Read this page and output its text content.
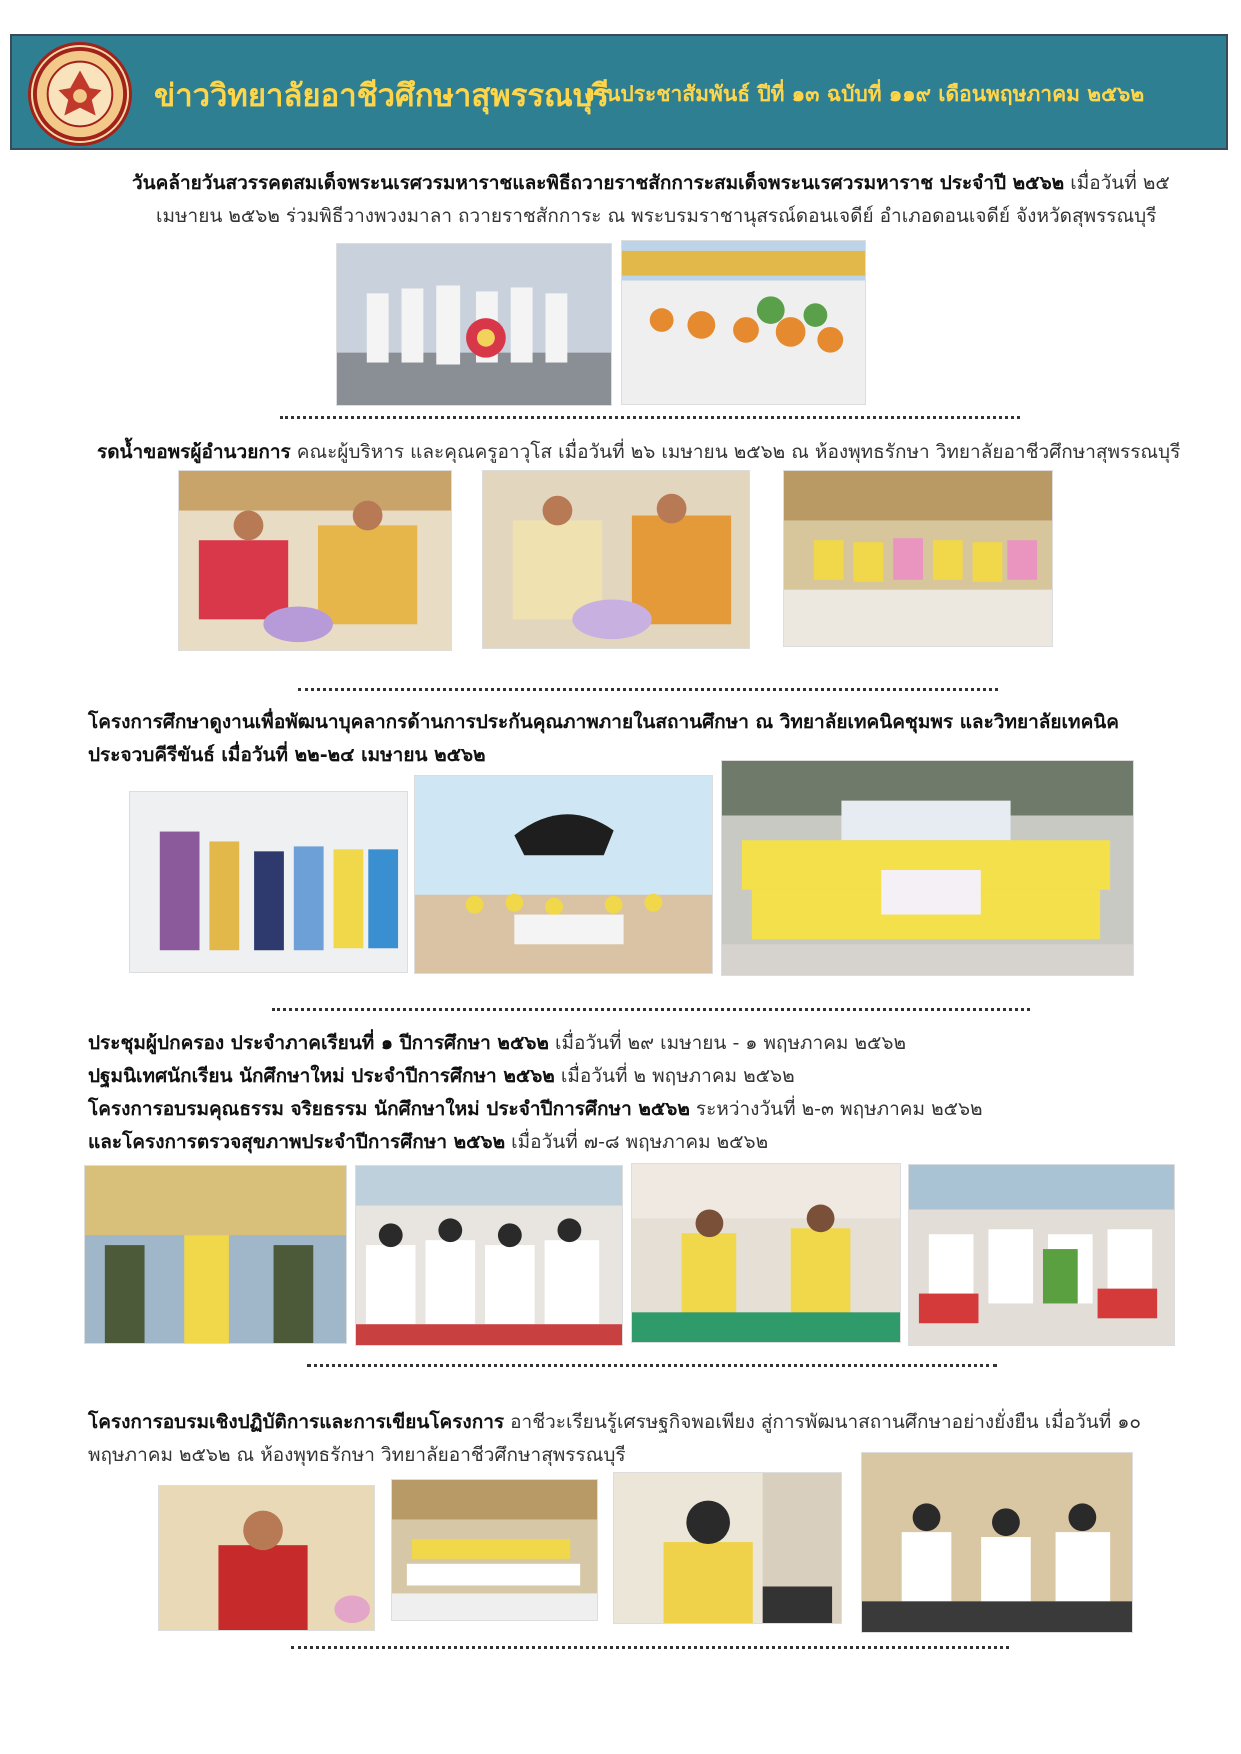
ข่าววิทยาลัยอาชีวศึกษาสุพรรณบุรี
งานประชาสัมพันธ์ ปีที่ ๑๓ ฉบับที่ ๑๑๙ เดือนพฤษภาคม ๒๕๖๒
วันคล้ายวันสวรรคตสมเด็จพระนเรศวรมหาราชและพิธีถวายราชสักการะสมเด็จพระนเรศวรมหาราช ประจำปี ๒๕๖๒ เมื่อวันที่ ๒๕
เมษายน ๒๕๖๒ ร่วมพิธีวางพวงมาลา ถวายราชสักการะ ณ พระบรมราชานุสรณ์ดอนเจดีย์ อำเภอดอนเจดีย์ จังหวัดสุพรรณบุรี
รดน้ำขอพรผู้อำนวยการ คณะผู้บริหาร และคุณครูอาวุโส เมื่อวันที่ ๒๖ เมษายน ๒๕๖๒ ณ ห้องพุทธรักษา วิทยาลัยอาชีวศึกษาสุพรรณบุรี
โครงการศึกษาดูงานเพื่อพัฒนาบุคลากรด้านการประกันคุณภาพภายในสถานศึกษา ณ วิทยาลัยเทคนิคชุมพร และวิทยาลัยเทคนิค
ประจวบคีรีขันธ์ เมื่อวันที่ ๒๒-๒๔ เมษายน ๒๕๖๒
ประชุมผู้ปกครอง ประจำภาคเรียนที่ ๑ ปีการศึกษา ๒๕๖๒ เมื่อวันที่ ๒๙ เมษายน - ๑ พฤษภาคม ๒๕๖๒
ปฐมนิเทศนักเรียน นักศึกษาใหม่ ประจำปีการศึกษา ๒๕๖๒ เมื่อวันที่ ๒ พฤษภาคม ๒๕๖๒
โครงการอบรมคุณธรรม จริยธรรม นักศึกษาใหม่ ประจำปีการศึกษา ๒๕๖๒ ระหว่างวันที่ ๒-๓ พฤษภาคม ๒๕๖๒
และโครงการตรวจสุขภาพประจำปีการศึกษา ๒๕๖๒ เมื่อวันที่ ๗-๘ พฤษภาคม ๒๕๖๒
โครงการอบรมเชิงปฏิบัติการและการเขียนโครงการ อาชีวะเรียนรู้เศรษฐกิจพอเพียง สู่การพัฒนาสถานศึกษาอย่างยั่งยืน เมื่อวันที่ ๑๐
พฤษภาคม ๒๕๖๒ ณ ห้องพุทธรักษา วิทยาลัยอาชีวศึกษาสุพรรณบุรี
